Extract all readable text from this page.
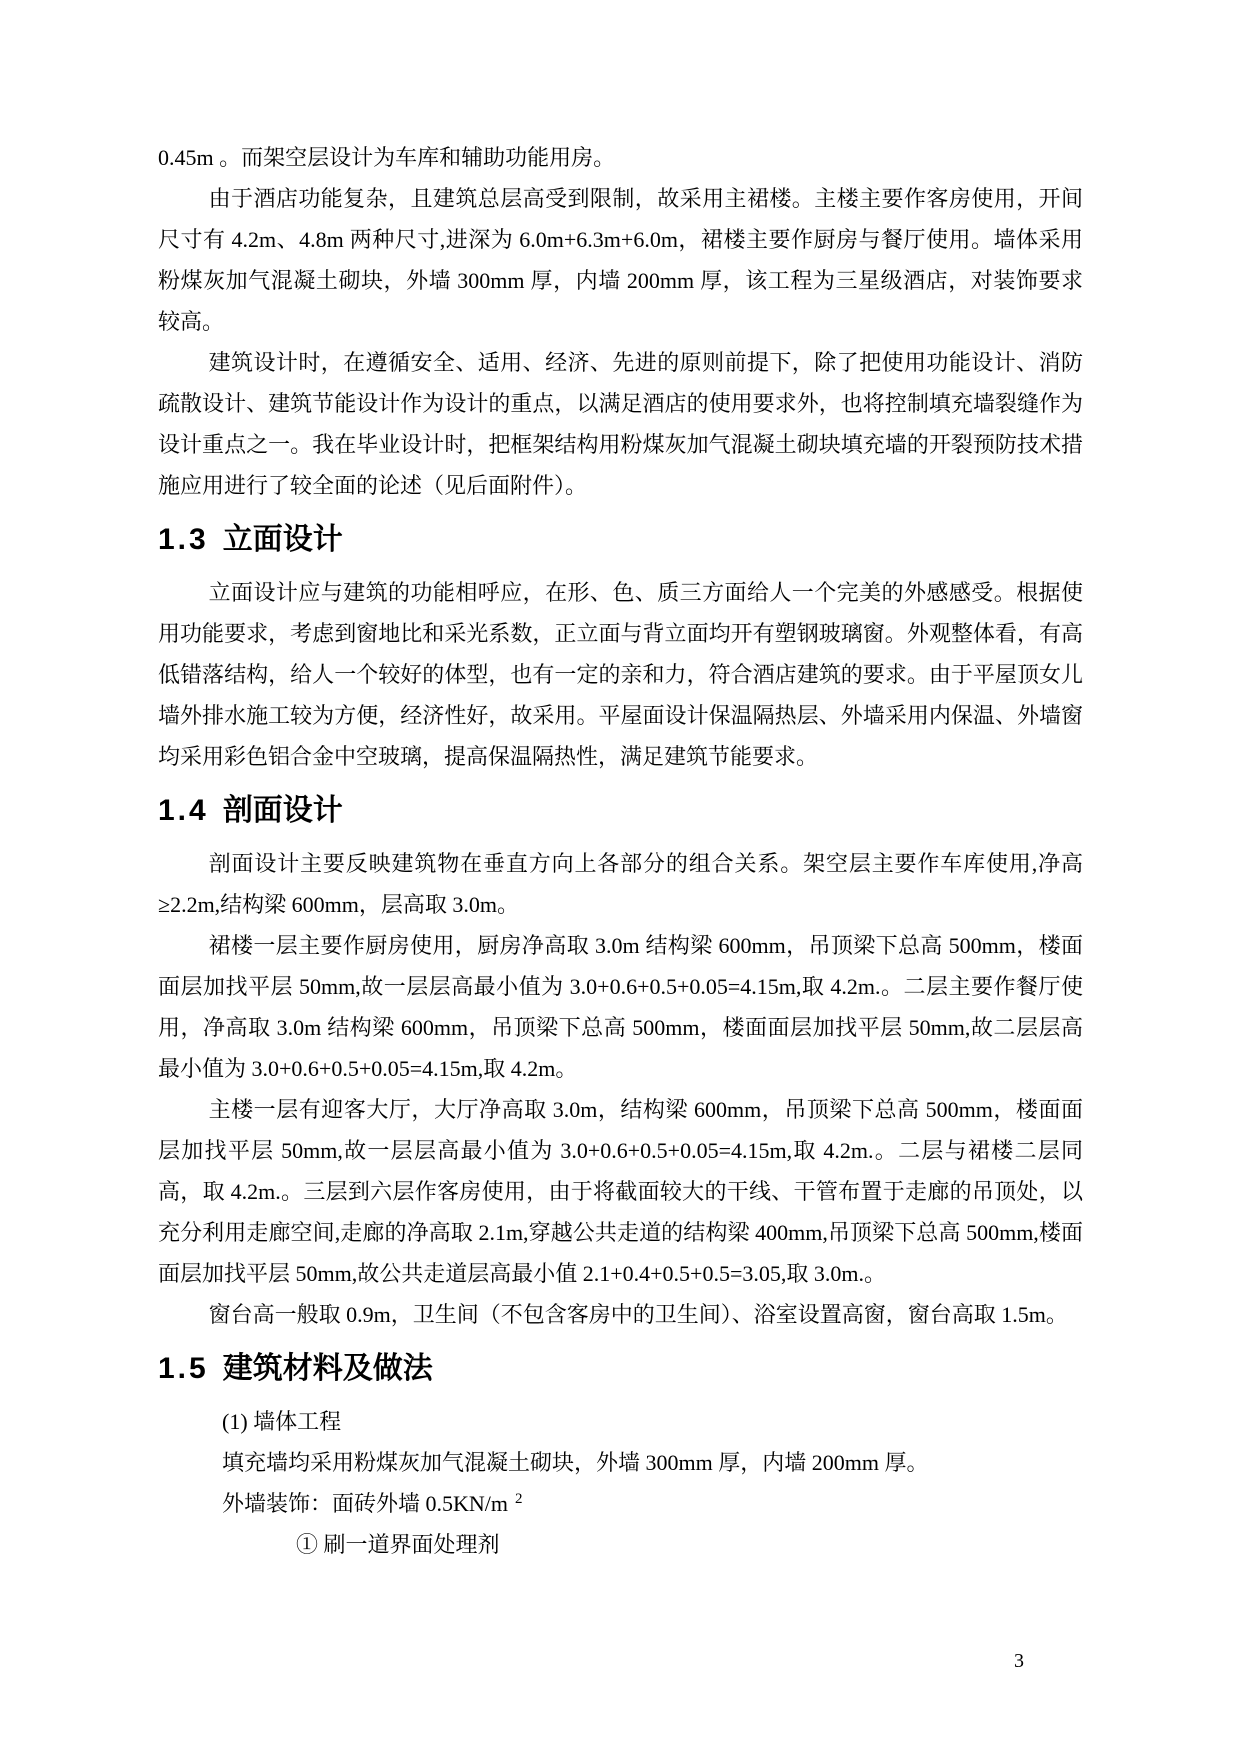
0.45m 。而架空层设计为车库和辅助功能用房。

由于酒店功能复杂，且建筑总层高受到限制，故采用主裙楼。主楼主要作客房使用，开间尺寸有 4.2m、4.8m 两种尺寸,进深为 6.0m+6.3m+6.0m，裙楼主要作厨房与餐厅使用。墙体采用粉煤灰加气混凝土砌块，外墙 300mm 厚，内墙 200mm 厚，该工程为三星级酒店，对装饰要求较高。

建筑设计时，在遵循安全、适用、经济、先进的原则前提下，除了把使用功能设计、消防疏散设计、建筑节能设计作为设计的重点，以满足酒店的使用要求外，也将控制填充墙裂缝作为设计重点之一。我在毕业设计时，把框架结构用粉煤灰加气混凝土砌块填充墙的开裂预防技术措施应用进行了较全面的论述（见后面附件）。

1.3 立面设计

立面设计应与建筑的功能相呼应，在形、色、质三方面给人一个完美的外感感受。根据使用功能要求，考虑到窗地比和采光系数，正立面与背立面均开有塑钢玻璃窗。外观整体看，有高低错落结构，给人一个较好的体型，也有一定的亲和力，符合酒店建筑的要求。由于平屋顶女儿墙外排水施工较为方便，经济性好，故采用。平屋面设计保温隔热层、外墙采用内保温、外墙窗均采用彩色铝合金中空玻璃，提高保温隔热性，满足建筑节能要求。

1.4 剖面设计

剖面设计主要反映建筑物在垂直方向上各部分的组合关系。架空层主要作车库使用,净高≥2.2m,结构梁 600mm，层高取 3.0m。

裙楼一层主要作厨房使用，厨房净高取 3.0m 结构梁 600mm，吊顶梁下总高 500mm，楼面面层加找平层 50mm,故一层层高最小值为 3.0+0.6+0.5+0.05=4.15m,取 4.2m.。二层主要作餐厅使用，净高取 3.0m 结构梁 600mm，吊顶梁下总高 500mm，楼面面层加找平层 50mm,故二层层高最小值为 3.0+0.6+0.5+0.05=4.15m,取 4.2m。

主楼一层有迎客大厅，大厅净高取 3.0m，结构梁 600mm，吊顶梁下总高 500mm，楼面面层加找平层 50mm,故一层层高最小值为 3.0+0.6+0.5+0.05=4.15m,取 4.2m.。二层与裙楼二层同高，取 4.2m.。三层到六层作客房使用，由于将截面较大的干线、干管布置于走廊的吊顶处，以充分利用走廊空间,走廊的净高取 2.1m,穿越公共走道的结构梁 400mm,吊顶梁下总高 500mm,楼面面层加找平层 50mm,故公共走道层高最小值 2.1+0.4+0.5+0.5=3.05,取 3.0m.。

窗台高一般取 0.9m，卫生间（不包含客房中的卫生间）、浴室设置高窗，窗台高取 1.5m。

1.5 建筑材料及做法

(1) 墙体工程

填充墙均采用粉煤灰加气混凝土砌块，外墙 300mm 厚，内墙 200mm 厚。

外墙装饰：面砖外墙 0.5KN/m $^2$

① 刷一道界面处理剂

3
